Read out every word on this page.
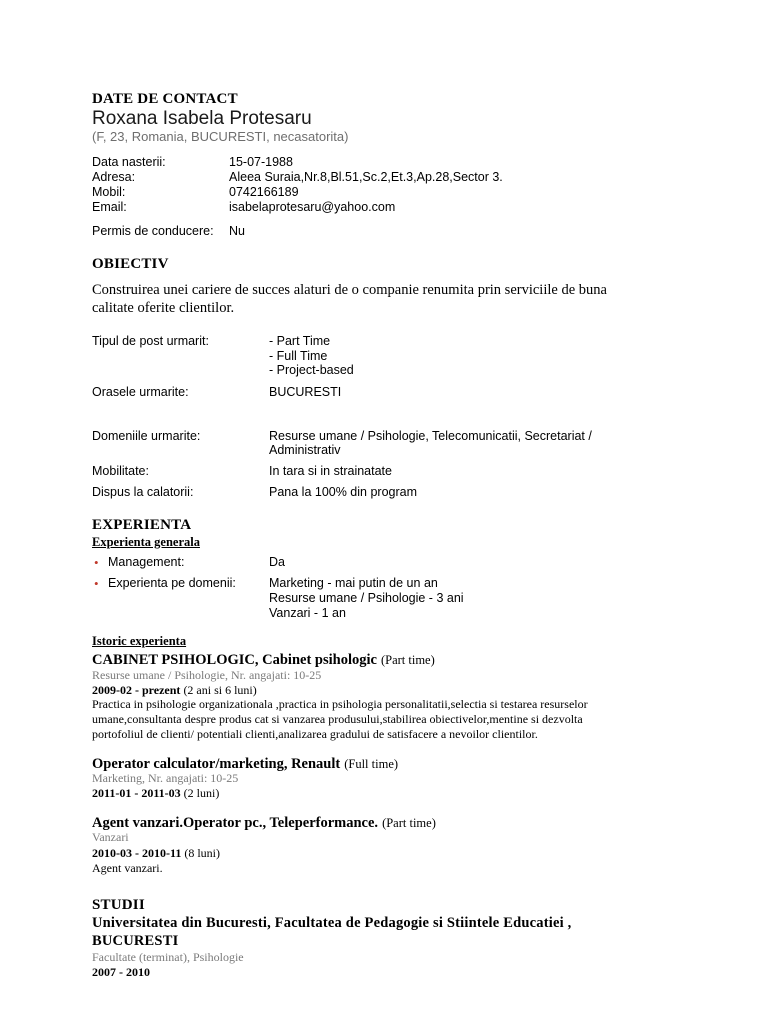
DATE DE CONTACT
Roxana Isabela Protesaru
(F, 23, Romania, BUCURESTI, necasatorita)
Data nasterii:	15-07-1988
Adresa:	Aleea Suraia,Nr.8,Bl.51,Sc.2,Et.3,Ap.28,Sector 3.
Mobil:	0742166189
Email:	isabelaprotesaru@yahoo.com
Permis de conducere: Nu
OBIECTIV
Construirea unei cariere de succes alaturi de o companie renumita prin serviciile de buna
calitate oferite clientilor.
Tipul de post urmarit:	- Part Time
- Full Time
- Project-based
Orasele urmarite:	BUCURESTI
Domeniile urmarite:	Resurse umane / Psihologie, Telecomunicatii, Secretariat /
Administrativ
Mobilitate:	In tara si in strainatate
Dispus la calatorii:	Pana la 100% din program
EXPERIENTA
Experienta generala
• Management:	Da
• Experienta pe domenii:	Marketing - mai putin de un an
Resurse umane / Psihologie - 3 ani
Vanzari - 1 an
Istoric experienta
CABINET PSIHOLOGIC, Cabinet psihologic (Part time)
Resurse umane / Psihologie, Nr. angajati: 10-25
2009-02 - prezent (2 ani si 6 luni)
Practica in psihologie organizationala ,practica in psihologia personalitatii,selectia si testarea resurselor
umane,consultanta despre produs cat si vanzarea produsului,stabilirea obiectivelor,mentine si dezvolta
portofoliul de clienti/ potentiali clienti,analizarea gradului de satisfacere a nevoilor clientilor.
Operator calculator/marketing, Renault (Full time)
Marketing, Nr. angajati: 10-25
2011-01 - 2011-03 (2 luni)
Agent vanzari.Operator pc., Teleperformance. (Part time)
Vanzari
2010-03 - 2010-11 (8 luni)
Agent vanzari.
STUDII
Universitatea din Bucuresti, Facultatea de Pedagogie si Stiintele Educatiei ,
BUCURESTI
Facultate (terminat), Psihologie
2007 - 2010
